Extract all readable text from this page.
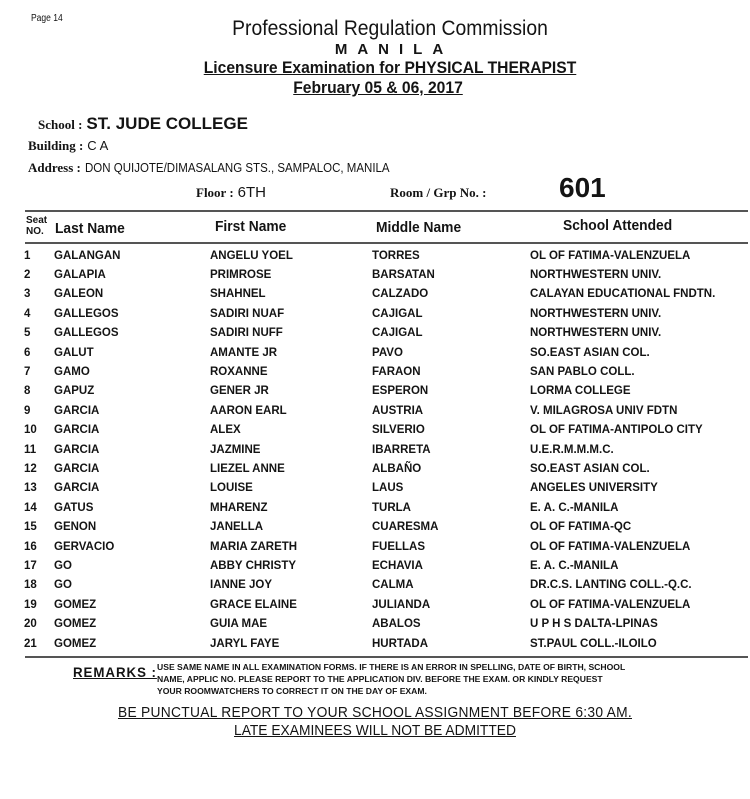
Page 14	Professional Regulation Commission
MANILA
Licensure Examination for PHYSICAL THERAPIST
February 05 & 06, 2017
School : ST. JUDE COLLEGE
Building : C A
Address : DON QUIJOTE/DIMASALANG STS., SAMPALOC, MANILA
Floor : 6TH	Room / Grp No. :	601
Seat
NO. Last Name	First Name	Middle Name	School Attended
1	GALANGAN	ANGELU YOEL	TORRES	OL OF FATIMA-VALENZUELA
2	GALAPIA	PRIMROSE	BARSATAN	NORTHWESTERN UNIV.
3	GALEON	SHAHNEL	CALZADO	CALAYAN EDUCATIONAL FNDTN.
4	GALLEGOS	SADIRI NUAF	CAJIGAL	NORTHWESTERN UNIV.
5	GALLEGOS	SADIRI NUFF	CAJIGAL	NORTHWESTERN UNIV.
6	GALUT	AMANTE JR	PAVO	SO.EAST ASIAN COL.
7	GAMO	ROXANNE	FARAON	SAN PABLO COLL.
8	GAPUZ	GENER JR	ESPERON	LORMA COLLEGE
9	GARCIA	AARON EARL	AUSTRIA	V. MILAGROSA UNIV FDTN
10	GARCIA	ALEX	SILVERIO	OL OF FATIMA-ANTIPOLO CITY
11	GARCIA	JAZMINE	IBARRETA	U.E.R.M.M.M.C.
12	GARCIA	LIEZEL ANNE	ALBAÑO	SO.EAST ASIAN COL.
13	GARCIA	LOUISE	LAUS	ANGELES UNIVERSITY
14	GATUS	MHARENZ	TURLA	E. A. C.-MANILA
15	GENON	JANELLA	CUARESMA	OL OF FATIMA-QC
16	GERVACIO	MARIA ZARETH	FUELLAS	OL OF FATIMA-VALENZUELA
17	GO	ABBY CHRISTY	ECHAVIA	E. A. C.-MANILA
18	GO	IANNE JOY	CALMA	DR.C.S. LANTING COLL.-Q.C.
19	GOMEZ	GRACE ELAINE	JULIANDA	OL OF FATIMA-VALENZUELA
20	GOMEZ	GUIA MAE	ABALOS	U P H S DALTA-LPINAS
21	GOMEZ	JARYL FAYE	HURTADA	ST.PAUL COLL.-ILOILO
REMARKS : USE SAME NAME IN ALL EXAMINATION FORMS. IF THERE IS AN ERROR IN SPELLING, DATE OF BIRTH, SCHOOL NAME, APPLIC NO. PLEASE REPORT TO THE APPLICATION DIV. BEFORE THE EXAM. OR KINDLY REQUEST YOUR ROOMWATCHERS TO CORRECT IT ON THE DAY OF EXAM.
BE PUNCTUAL REPORT TO YOUR SCHOOL ASSIGNMENT BEFORE 6:30 AM.
LATE EXAMINEES WILL NOT BE ADMITTED
